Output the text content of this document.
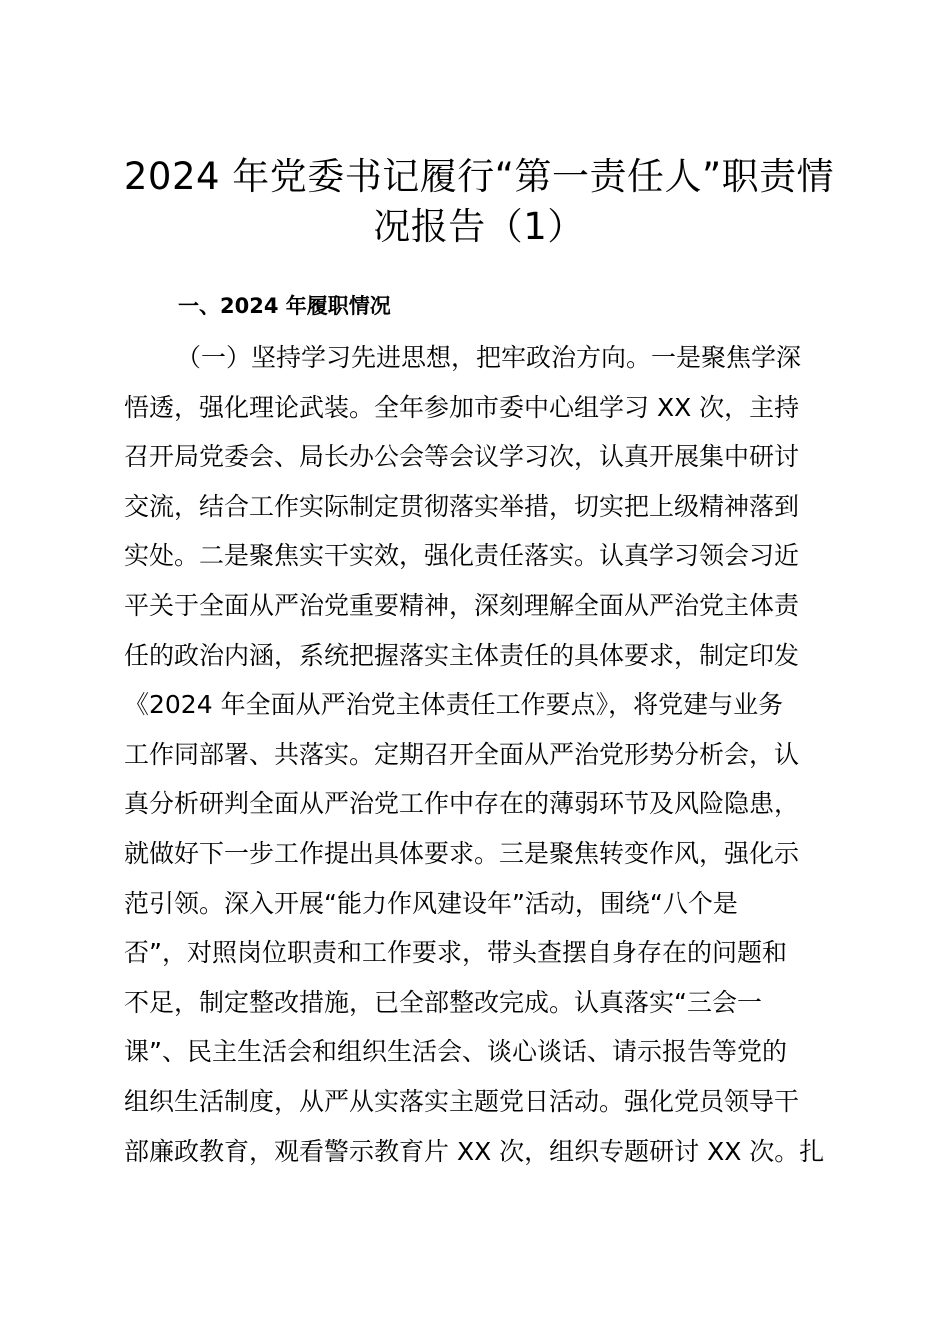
2024 年党委书记履行“第一责任人”职责情
况报告（1）
一、2024 年履职情况
（一）坚持学习先进思想，把牢政治方向。一是聚焦学深
悟透，强化理论武装。全年参加市委中心组学习 XX 次，主持
召开局党委会、局长办公会等会议学习次，认真开展集中研讨
交流，结合工作实际制定贯彻落实举措，切实把上级精神落到
实处。二是聚焦实干实效，强化责任落实。认真学习领会习近
平关于全面从严治党重要精神，深刻理解全面从严治党主体责
任的政治内涵，系统把握落实主体责任的具体要求，制定印发
《2024 年全面从严治党主体责任工作要点》，将党建与业务
工作同部署、共落实。定期召开全面从严治党形势分析会，认
真分析研判全面从严治党工作中存在的薄弱环节及风险隐患，
就做好下一步工作提出具体要求。三是聚焦转变作风，强化示
范引领。深入开展“能力作风建设年”活动，围绕“八个是
否”，对照岗位职责和工作要求，带头查摆自身存在的问题和
不足，制定整改措施，已全部整改完成。认真落实“三会一
课”、民主生活会和组织生活会、谈心谈话、请示报告等党的
组织生活制度，从严从实落实主题党日活动。强化党员领导干
部廉政教育，观看警示教育片 XX 次，组织专题研讨 XX 次。扎
